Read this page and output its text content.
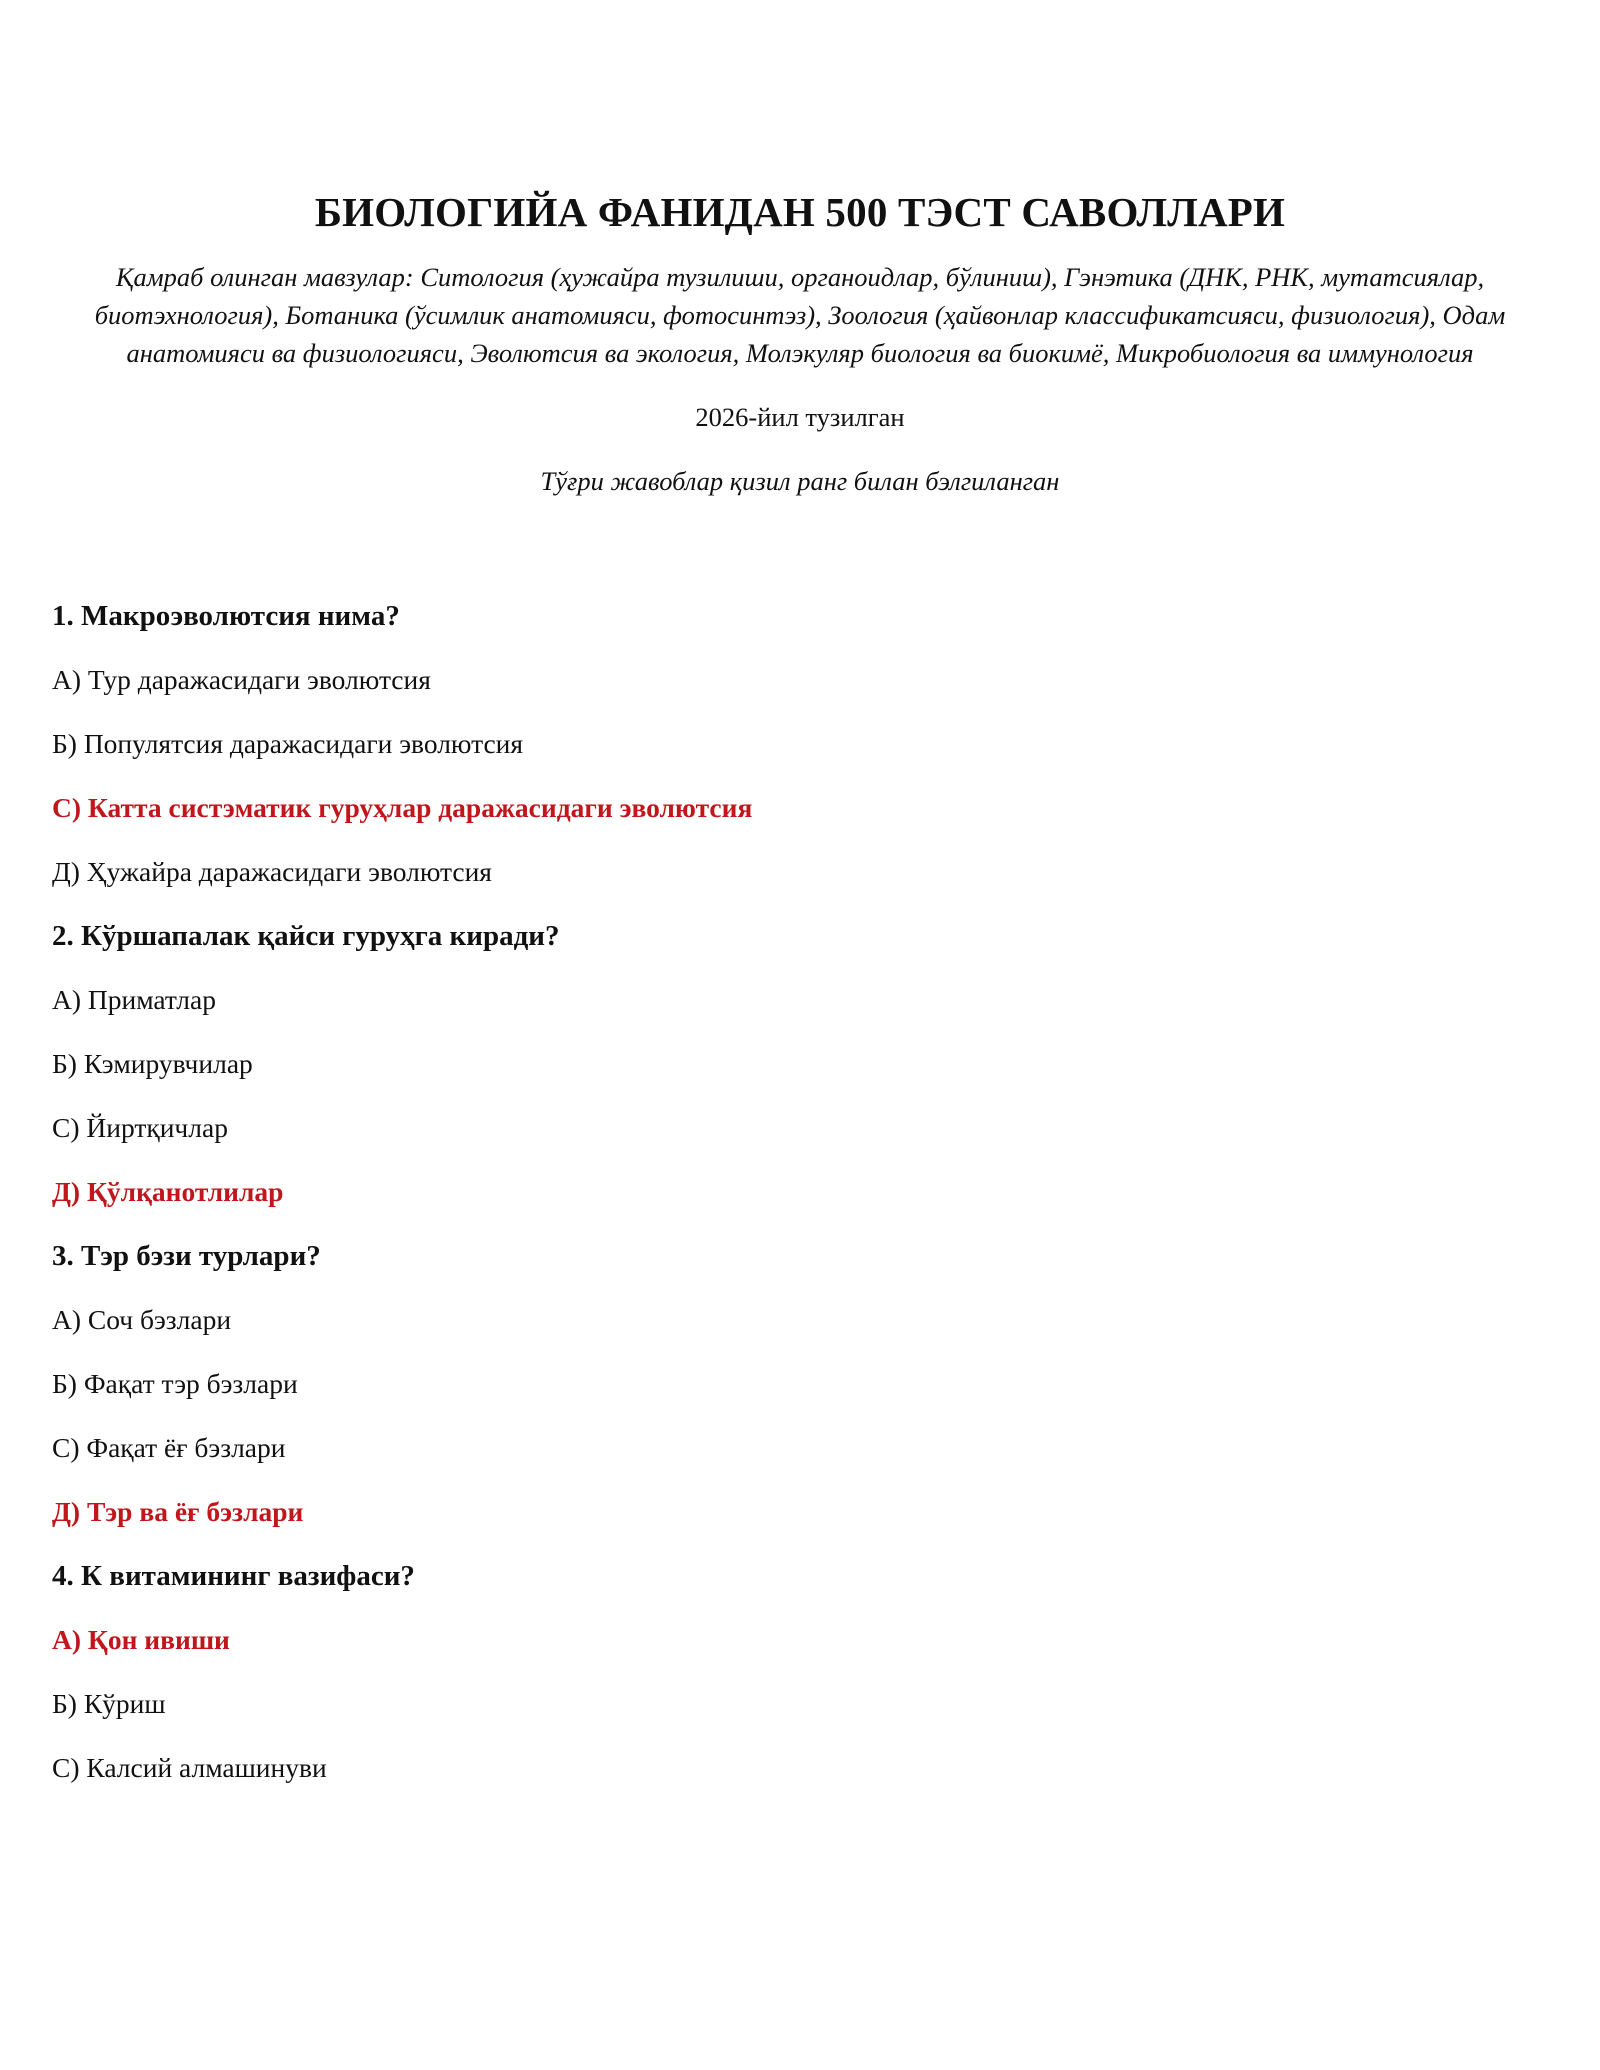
БИОЛОГИЙА ФАНИДАН 500 ТЭСТ САВОЛЛАРИ

Қамраб олинган мавзулар: Ситология (ҳужайра тузилиши, органоидлар, бўлиниш), Гэнэтика (ДНК, РНК, мутатсиялар, биотэхнология), Ботаника (ўсимлик анатомияси, фотосинтэз), Зоология (ҳайвонлар классификатсияси, физиология), Одам анатомияси ва физиологияси, Эволютсия ва экология, Молэкуляр биология ва биокимё, Микробиология ва иммунология

2026-йил тузилган

Тўғри жавоблар қизил ранг билан бэлгиланган

1. Макроэволютсия нима?
A) Тур даражасидаги эволютсия
Б) Популятсия даражасидаги эволютсия
С) Катта систэматик гуруҳлар даражасидаги эволютсия
Д) Ҳужайра даражасидаги эволютсия
2. Кўршапалак қайси гуруҳга киради?
A) Приматлар
Б) Кэмирувчилар
С) Йиртқичлар
Д) Қўлқанотлилар
3. Тэр бэзи турлари?
A) Соч бэзлари
Б) Фақат тэр бэзлари
С) Фақат ёғ бэзлари
Д) Тэр ва ёғ бэзлари
4. К витамининг вазифаси?
A) Қон ивиши
Б) Кўриш
С) Калсий алмашинуви
